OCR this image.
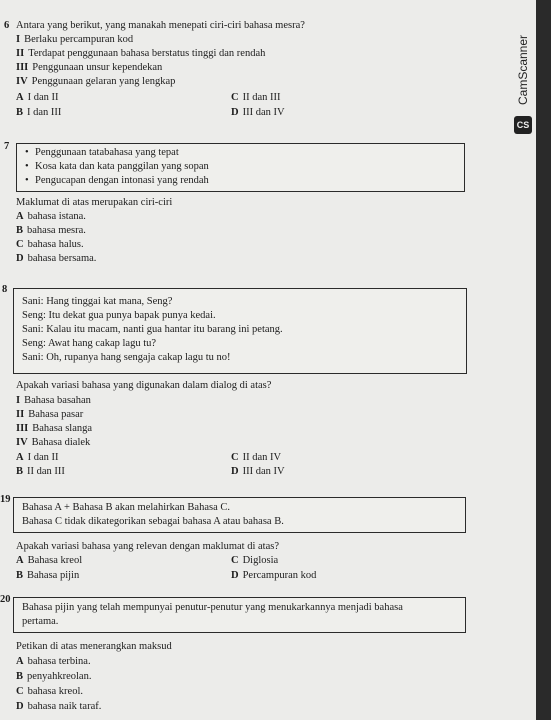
CamScanner
CS
6 Antara yang berikut, yang manakah menepati ciri-ciri bahasa mesra?
I Berlaku percampuran kod
II Terdapat penggunaan bahasa berstatus tinggi dan rendah
III Penggunaan unsur kependekan
IV Penggunaan gelaran yang lengkap
A I dan II	C II dan III
B I dan III	D III dan IV
7
• Penggunaan tatabahasa yang tepat
• Kosa kata dan kata panggilan yang sopan
• Pengucapan dengan intonasi yang rendah
Maklumat di atas merupakan ciri-ciri
A bahasa istana.
B bahasa mesra.
C bahasa halus.
D bahasa bersama.
8
Sani: Hang tinggai kat mana, Seng?
Seng: Itu dekat gua punya bapak punya kedai.
Sani: Kalau itu macam, nanti gua hantar itu barang ini petang.
Seng: Awat hang cakap lagu tu?
Sani: Oh, rupanya hang sengaja cakap lagu tu no!
Apakah variasi bahasa yang digunakan dalam dialog di atas?
I Bahasa basahan
II Bahasa pasar
III Bahasa slanga
IV Bahasa dialek
A I dan II	C II dan IV
B II dan III	D III dan IV
19
Bahasa A + Bahasa B akan melahirkan Bahasa C.
Bahasa C tidak dikategorikan sebagai bahasa A atau bahasa B.
Apakah variasi bahasa yang relevan dengan maklumat di atas?
A Bahasa kreol	C Diglosia
B Bahasa pijin	D Percampuran kod
20
Bahasa pijin yang telah mempunyai penutur-penutur yang menukarkannya menjadi bahasa
pertama.
Petikan di atas menerangkan maksud
A bahasa terbina.
B penyahkreolan.
C bahasa kreol.
D bahasa naik taraf.
